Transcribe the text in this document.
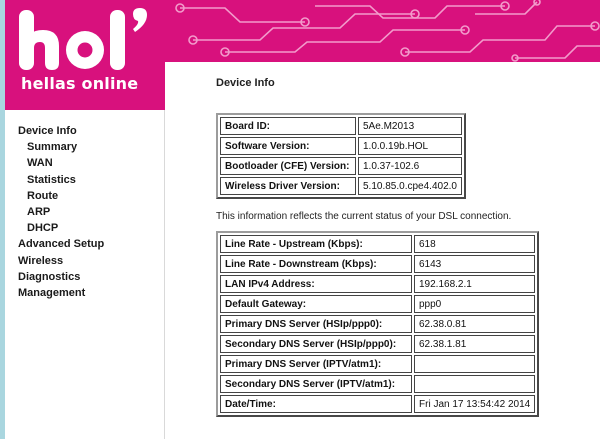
hellas online
Device Info
Summary
WAN
Statistics
Route
ARP
DHCP
Advanced Setup
Wireless
Diagnostics
Management
Device Info
Board ID:	5Ae.M2013
Software Version:	1.0.0.19b.HOL
Bootloader (CFE) Version:	1.0.37-102.6
Wireless Driver Version:	5.10.85.0.cpe4.402.0
This information reflects the current status of your DSL connection.
Line Rate - Upstream (Kbps):	618
Line Rate - Downstream (Kbps):	6143
LAN IPv4 Address:	192.168.2.1
Default Gateway:	ppp0
Primary DNS Server (HSIp/ppp0):	62.38.0.81
Secondary DNS Server (HSIp/ppp0):	62.38.1.81
Primary DNS Server (IPTV/atm1):	
Secondary DNS Server (IPTV/atm1):	
Date/Time:	Fri Jan 17 13:54:42 2014
